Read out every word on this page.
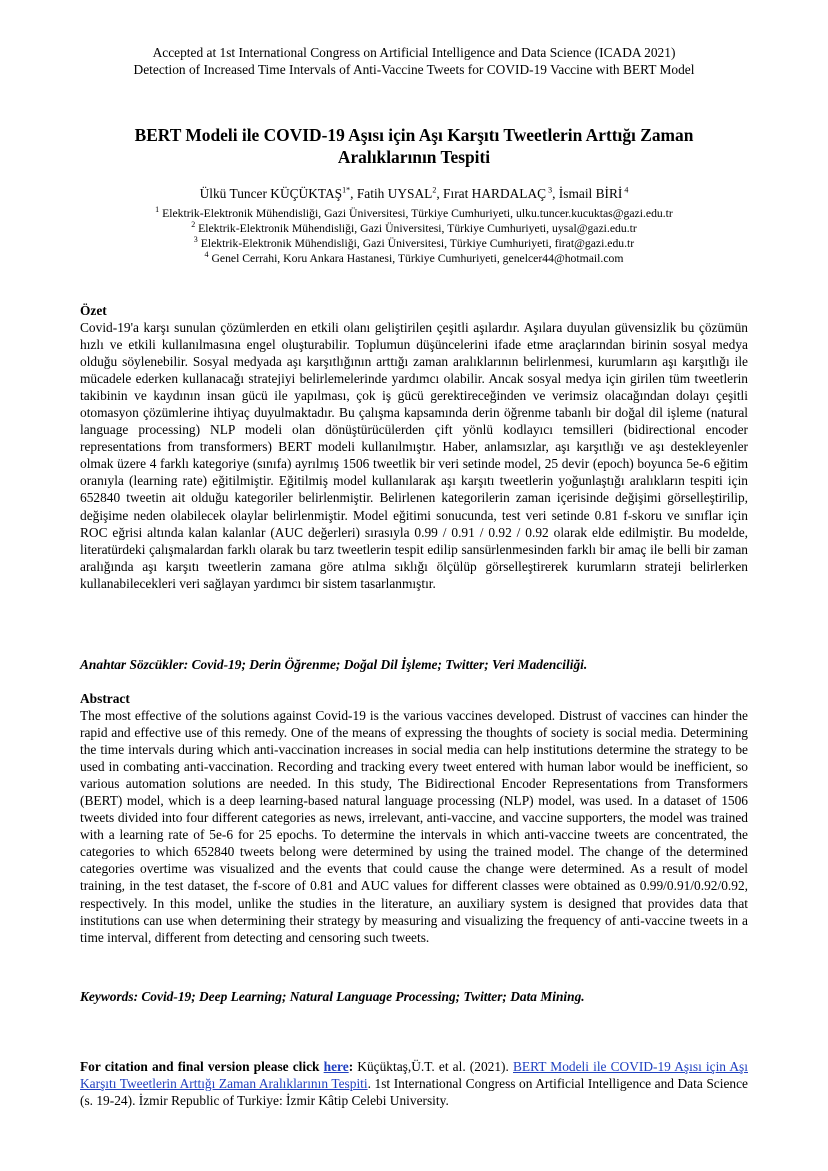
Accepted at 1st International Congress on Artificial Intelligence and Data Science (ICADA 2021)
Detection of Increased Time Intervals of Anti-Vaccine Tweets for COVID-19 Vaccine with BERT Model
BERT Modeli ile COVID-19 Aşısı için Aşı Karşıtı Tweetlerin Arttığı Zaman
Aralıklarının Tespiti
Ülkü Tuncer $KÜÇÜKTAŞ^{1*}$, Fatih UYSAL$^2$, Fırat HARDALAÇ $^3$, İsmail BİRİ $^4$
$^1$ Elektrik-Elektronik Mühendisliği, Gazi Üniversitesi, Türkiye Cumhuriyeti, ulku.tuncer.kucuktas@gazi.edu.tr
$^2$ Elektrik-Elektronik Mühendisliği, Gazi Üniversitesi, Türkiye Cumhuriyeti, uysal@gazi.edu.tr
$^3$ Elektrik-Elektronik Mühendisliği, Gazi Üniversitesi, Türkiye Cumhuriyeti, firat@gazi.edu.tr
$^4$ Genel Cerrahi, Koru Ankara Hastanesi, Türkiye Cumhuriyeti, genelcer44@hotmail.com
Özet
Covid-19'a karşı sunulan çözümlerden en etkili olanı geliştirilen çeşitli aşılardır. Aşılara duyulan güvensizlik bu çözümün hızlı ve etkili kullanılmasına engel oluşturabilir. Toplumun düşüncelerini ifade etme araçlarından birinin sosyal medya olduğu söylenebilir. Sosyal medyada aşı karşıtlığının arttığı zaman aralıklarının belirlenmesi, kurumların aşı karşıtlığı ile mücadele ederken kullanacağı stratejiyi belirlemelerinde yardımcı olabilir. Ancak sosyal medya için girilen tüm tweetlerin takibinin ve kaydının insan gücü ile yapılması, çok iş gücü gerektireceğinden ve verimsiz olacağından dolayı çeşitli otomasyon çözümlerine ihtiyaç duyulmaktadır. Bu çalışma kapsamında derin öğrenme tabanlı bir doğal dil işleme (natural language processing) NLP modeli olan dönüştürücülerden çift yönlü kodlayıcı temsilleri (bidirectional encoder representations from transformers) BERT modeli kullanılmıştır. Haber, anlamsızlar, aşı karşıtlığı ve aşı destekleyenler olmak üzere 4 farklı kategoriye (sınıfa) ayrılmış 1506 tweetlik bir veri setinde model, 25 devir (epoch) boyunca 5e-6 eğitim oranıyla (learning rate) eğitilmiştir. Eğitilmiş model kullanılarak aşı karşıtı tweetlerin yoğunlaştığı aralıkların tespiti için 652840 tweetin ait olduğu kategoriler belirlenmiştir. Belirlenen kategorilerin zaman içerisinde değişimi görselleştirilip, değişime neden olabilecek olaylar belirlenmiştir. Model eğitimi sonucunda, test veri setinde 0.81 f-skoru ve sınıflar için ROC eğrisi altında kalan kalanlar (AUC değerleri) sırasıyla 0.99 / 0.91 / 0.92 / 0.92 olarak elde edilmiştir. Bu modelde, literatürdeki çalışmalardan farklı olarak bu tarz tweetlerin tespit edilip sansürlenmesinden farklı bir amaç ile belli bir zaman aralığında aşı karşıtı tweetlerin zamana göre atılma sıklığı ölçülüp görselleştirerek kurumların strateji belirlerken kullanabilecekleri veri sağlayan yardımcı bir sistem tasarlanmıştır.
Anahtar Sözcükler: Covid-19; Derin Öğrenme; Doğal Dil İşleme; Twitter; Veri Madenciliği.
Abstract
The most effective of the solutions against Covid-19 is the various vaccines developed. Distrust of vaccines can hinder the rapid and effective use of this remedy. One of the means of expressing the thoughts of society is social media. Determining the time intervals during which anti-vaccination increases in social media can help institutions determine the strategy to be used in combating anti-vaccination. Recording and tracking every tweet entered with human labor would be inefficient, so various automation solutions are needed. In this study, The Bidirectional Encoder Representations from Transformers (BERT) model, which is a deep learning-based natural language processing (NLP) model, was used. In a dataset of 1506 tweets divided into four different categories as news, irrelevant, anti-vaccine, and vaccine supporters, the model was trained with a learning rate of 5e-6 for 25 epochs. To determine the intervals in which anti-vaccine tweets are concentrated, the categories to which 652840 tweets belong were determined by using the trained model. The change of the determined categories overtime was visualized and the events that could cause the change were determined. As a result of model training, in the test dataset, the f-score of 0.81 and AUC values for different classes were obtained as 0.99/0.91/0.92/0.92, respectively. In this model, unlike the studies in the literature, an auxiliary system is designed that provides data that institutions can use when determining their strategy by measuring and visualizing the frequency of anti-vaccine tweets in a time interval, different from detecting and censoring such tweets.
Keywords: Covid-19; Deep Learning; Natural Language Processing; Twitter; Data Mining.
For citation and final version please click here: Küçüktaş,Ü.T. et al. (2021). BERT Modeli ile COVID-19 Aşısı için Aşı Karşıtı Tweetlerin Arttığı Zaman Aralıklarının Tespiti. 1st International Congress on Artificial Intelligence and Data Science (s. 19-24). İzmir Republic of Turkiye: İzmir Kâtip Celebi University.
